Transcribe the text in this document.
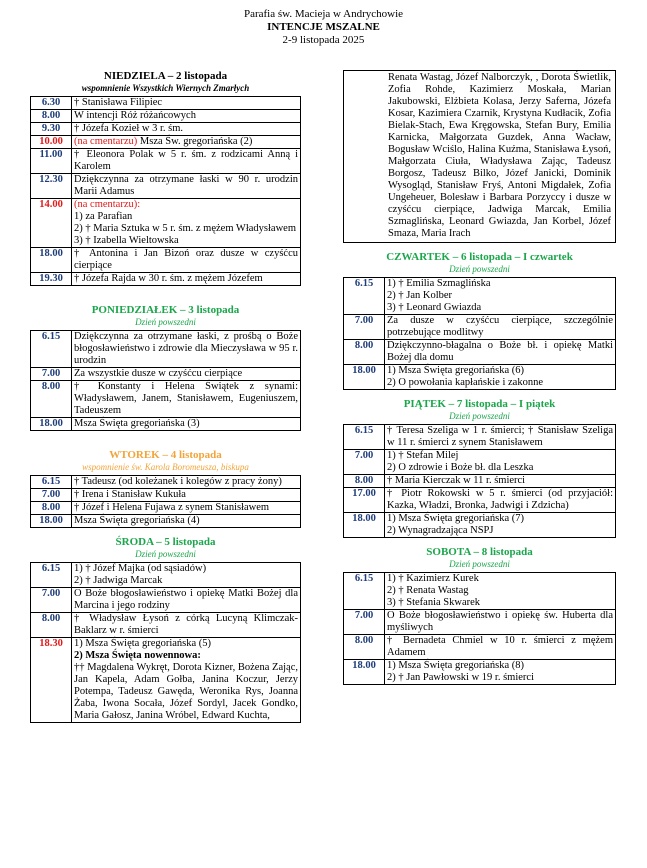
Parafia św. Macieja w Andrychowie
INTENCJE MSZALNE
2-9 listopada 2025
NIEDZIELA – 2 listopada
wspomnienie Wszystkich Wiernych Zmarłych
6.30	† Stanisława Filipiec
8.00	W intencji Róż różańcowych
9.30	† Józefa Kozieł w 3 r. śm.
10.00	(na cmentarzu) Msza Św. gregoriańska (2)
11.00	† Eleonora Polak w 5 r. śm. z rodzicami Anną i Karolem
12.30	Dziękczynna za otrzymane łaski w 90 r. urodzin Marii Adamus
14.00	(na cmentarzu):
1) za Parafian
2) † Maria Sztuka w 5 r. śm. z mężem Władysławem
3) † Izabella Wieltowska

18.00	† Antonina i Jan Bizoń oraz dusze w czyśćcu cierpiące
19.30	† Józefa Rajda w 30 r. śm. z mężem Józefem
PONIEDZIAŁEK – 3 listopada
Dzień powszedni
6.15	Dziękczynna za otrzymane łaski, z prośbą o Boże błogosławieństwo i zdrowie dla Mieczysława w 95 r. urodzin
7.00	Za wszystkie dusze w czyśćcu cierpiące
8.00	† Konstanty i Helena Świątek z synami: Władysławem, Janem, Stanisławem, Eugeniuszem, Tadeuszem
18.00	Msza Święta gregoriańska (3)
WTOREK – 4 listopada
wspomnienie św. Karola Boromeusza, biskupa
6.15	† Tadeusz (od koleżanek i kolegów z pracy żony)
7.00	† Irena i Stanisław Kukuła
8.00	† Józef i Helena Fujawa z synem Stanisławem
18.00	Msza Święta gregoriańska (4)
ŚRODA – 5 listopada
Dzień powszedni
6.15	1) † Józef Majka (od sąsiadów)
2) † Jadwiga Marcak

7.00	O Boże błogosławieństwo i opiekę Matki Bożej dla Marcina i jego rodziny
8.00	† Władysław Łysoń z córką Lucyną Klimczak-Baklarz w r. śmierci
18.30	1) Msza Święta gregoriańska (5)
2) Msza Święta nowennowa:
†† Magdalena Wykręt, Dorota Kizner, Bożena Zając, Jan Kapela, Adam Gołba, Janina Koczur, Jerzy Potempa, Tadeusz Gawęda, Weronika Rys, Joanna Żaba, Iwona Socała, Józef Sordyl, Jacek Gondko, Maria Gałosz, Janina Wróbel, Edward Kuchta,
Renata Wastag, Józef Nalborczyk, , Dorota Świetlik, Zofia Rohde, Kazimierz Moskała, Marian Jakubowski, Elżbieta Kolasa, Jerzy Saferna, Józefa Kosar, Kazimiera Czarnik, Krystyna Kudłacik, Zofia Bielak-Stach, Ewa Kręgowska, Stefan Bury, Emilia Karnicka, Małgorzata Guzdek, Anna Wacław, Bogusław Wciślo, Halina Kuźma, Stanisława Łysoń, Małgorzata Ciuła, Władysława Zając, Tadeusz Borgosz, Tadeusz Bilko, Józef Janicki, Dominik Wysogląd, Stanisław Fryś, Antoni Migdałek, Zofia Ungeheuer, Bolesław i Barbara Porzyccy i dusze w czyśćcu cierpiące, Jadwiga Marcak, Emilia Szmaglińska, Leonard Gwiazda, Jan Korbel, Józef Smaza, Maria Irach
CZWARTEK – 6 listopada – I czwartek
Dzień powszedni
6.15	1) † Emilia Szmaglińska
2) † Jan Kolber
3) † Leonard Gwiazda

7.00	Za dusze w czyśćcu cierpiące, szczególnie potrzebujące modlitwy
8.00	Dziękczynno-błagalna o Boże bł. i opiekę Matki Bożej dla domu
18.00	1) Msza Święta gregoriańska (6)
2) O powołania kapłańskie i zakonne
PIĄTEK – 7 listopada – I piątek
Dzień powszedni
6.15	† Teresa Szeliga w 1 r. śmierci; † Stanisław Szeliga w 11 r. śmierci z synem Stanisławem
7.00	1) † Stefan Milej
2) O zdrowie i Boże bł. dla Leszka

8.00	† Maria Kierczak w 11 r. śmierci
17.00	† Piotr Rokowski w 5 r. śmierci (od przyjaciół: Kazka, Władzi, Bronka, Jadwigi i Zdzicha)
18.00	1) Msza Święta gregoriańska (7)
2) Wynagradzająca NSPJ
SOBOTA – 8 listopada
Dzień powszedni
6.15	1) † Kazimierz Kurek
2) † Renata Wastag
3) † Stefania Skwarek

7.00	O Boże błogosławieństwo i opiekę św. Huberta dla myśliwych
8.00	† Bernadeta Chmiel w 10 r. śmierci z mężem Adamem
18.00	1) Msza Święta gregoriańska (8)
2) † Jan Pawłowski w 19 r. śmierci
